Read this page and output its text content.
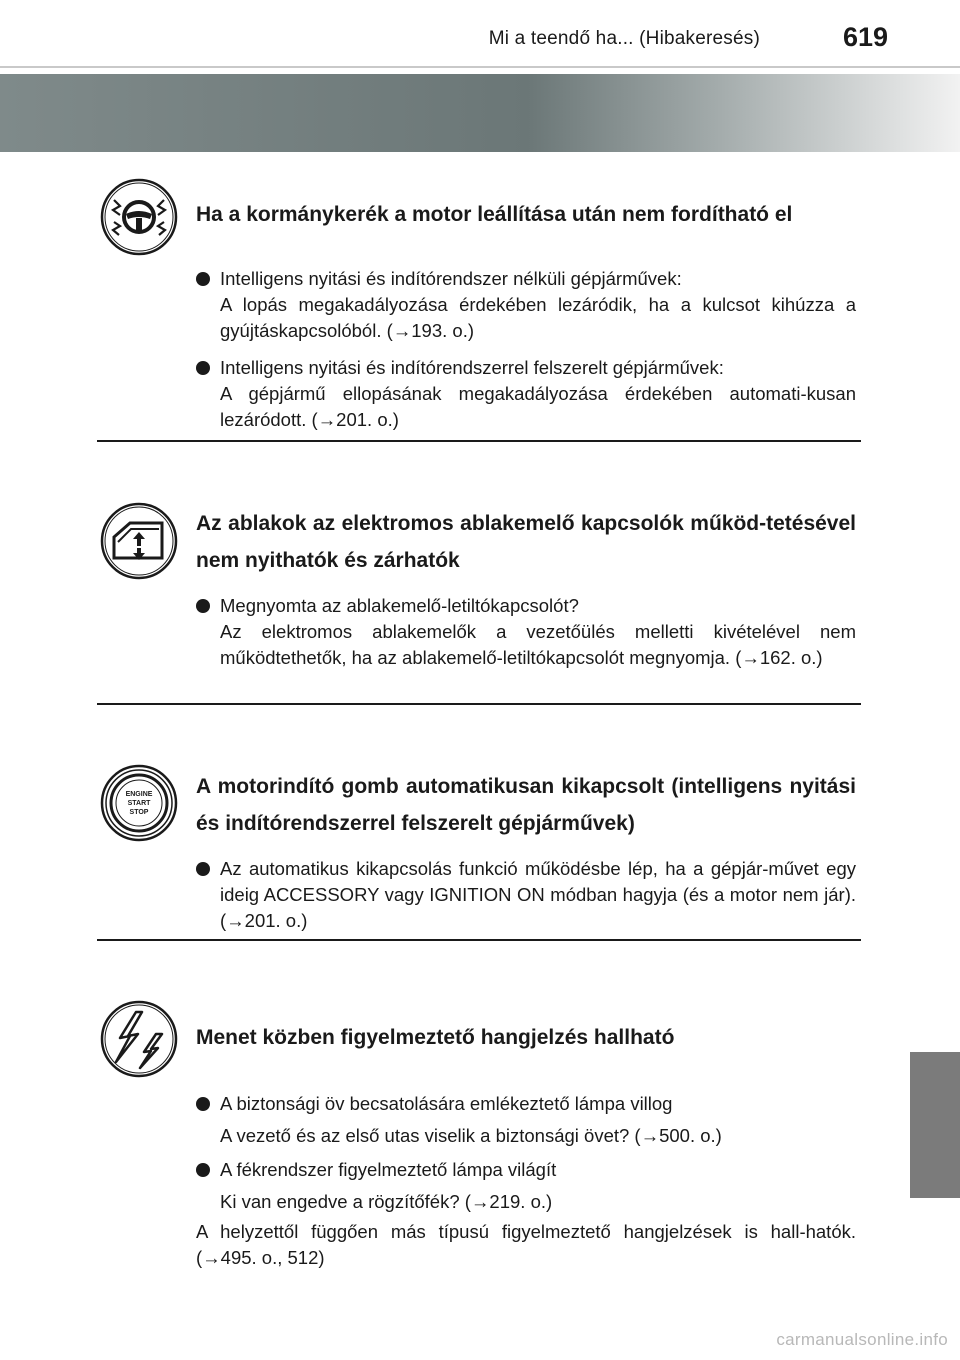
Mi a teendő ha... (Hibakeresés)	619
Ha a kormánykerék a motor leállítása után nem fordítható el
Intelligens nyitási és indítórendszer nélküli gépjárművek:
A lopás megakadályozása érdekében lezáródik, ha a kulcsot kihúzza a gyújtáskapcsolóból. (→193. o.)
Intelligens nyitási és indítórendszerrel felszerelt gépjárművek:
A gépjármű ellopásának megakadályozása érdekében automati-kusan lezáródott. (→201. o.)
Az ablakok az elektromos ablakemelő kapcsolók működ-tetésével nem nyithatók és zárhatók
Megnyomta az ablakemelő-letiltókapcsolót?
Az elektromos ablakemelők a vezetőülés melletti kivételével nem működtethetők, ha az ablakemelő-letiltókapcsolót megnyomja. (→162. o.)
ENGINE
START
STOP
A motorindító gomb automatikusan kikapcsolt (intelligens nyitási és indítórendszerrel felszerelt gépjárművek)
Az automatikus kikapcsolás funkció működésbe lép, ha a gépjár-művet egy ideig ACCESSORY vagy IGNITION ON módban hagyja (és a motor nem jár). (→201. o.)
Menet közben figyelmeztető hangjelzés hallható
A biztonsági öv becsatolására emlékeztető lámpa villog
A vezető és az első utas viselik a biztonsági övet? (→500. o.)
A fékrendszer figyelmeztető lámpa világít
Ki van engedve a rögzítőfék? (→219. o.)
A helyzettől függően más típusú figyelmeztető hangjelzések is hall-hatók. (→495. o., 512)
carmanualsonline.info
